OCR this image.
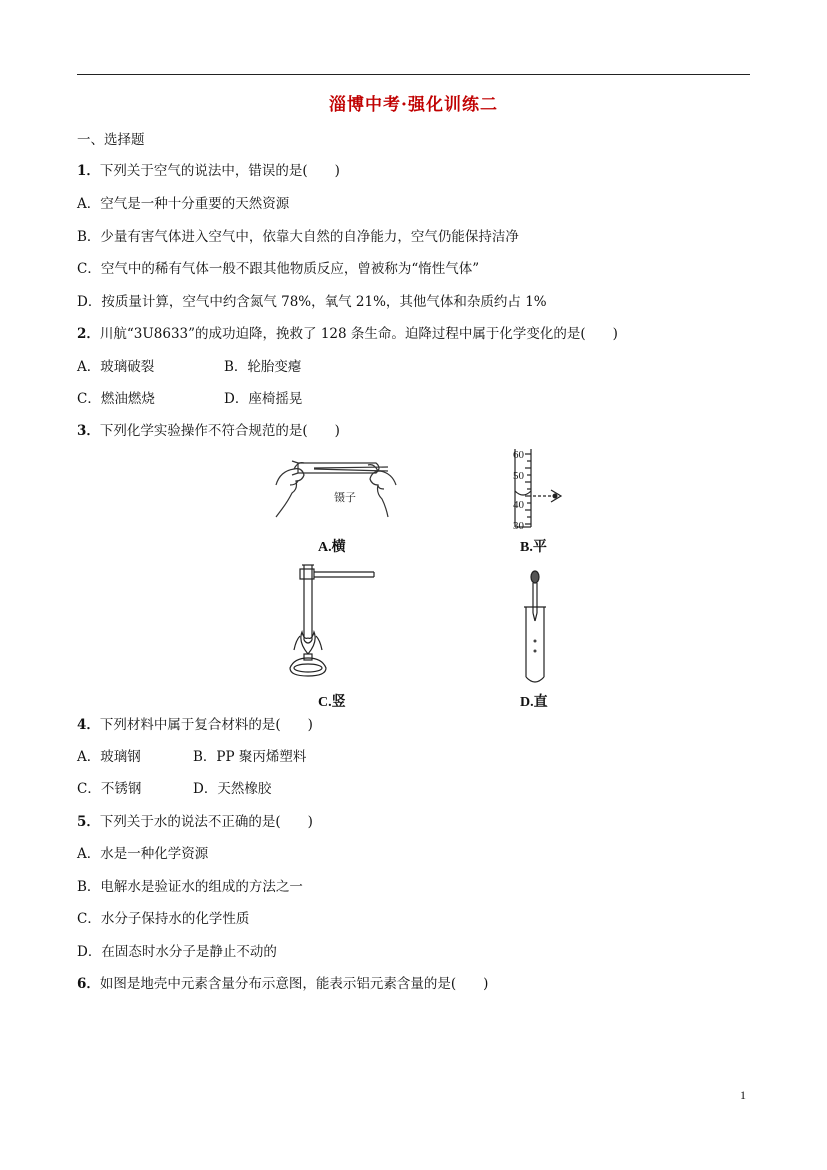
淄博中考·强化训练二
一、选择题
1．下列关于空气的说法中，错误的是(　　)
A．空气是一种十分重要的天然资源
B．少量有害气体进入空气中，依靠大自然的自净能力，空气仍能保持洁净
C．空气中的稀有气体一般不跟其他物质反应，曾被称为“惰性气体”
D．按质量计算，空气中约含氮气 78%，氧气 21%，其他气体和杂质约占 1%
2．川航“3U8633”的成功迫降，挽救了 128 条生命。迫降过程中属于化学变化的是(　　)
A．玻璃破裂	B．轮胎变瘪
C．燃油燃烧	D．座椅摇晃
3．下列化学实验操作不符合规范的是(　　)
镊子
A.横
60
50
40
30
B.平
C.竖	D.直
4．下列材料中属于复合材料的是(　　)
A．玻璃钢	B．PP 聚丙烯塑料
C．不锈钢	D．天然橡胶
5．下列关于水的说法不正确的是(　　)
A．水是一种化学资源
B．电解水是验证水的组成的方法之一
C．水分子保持水的化学性质
D．在固态时水分子是静止不动的
6．如图是地壳中元素含量分布示意图，能表示铝元素含量的是(　　)
1
